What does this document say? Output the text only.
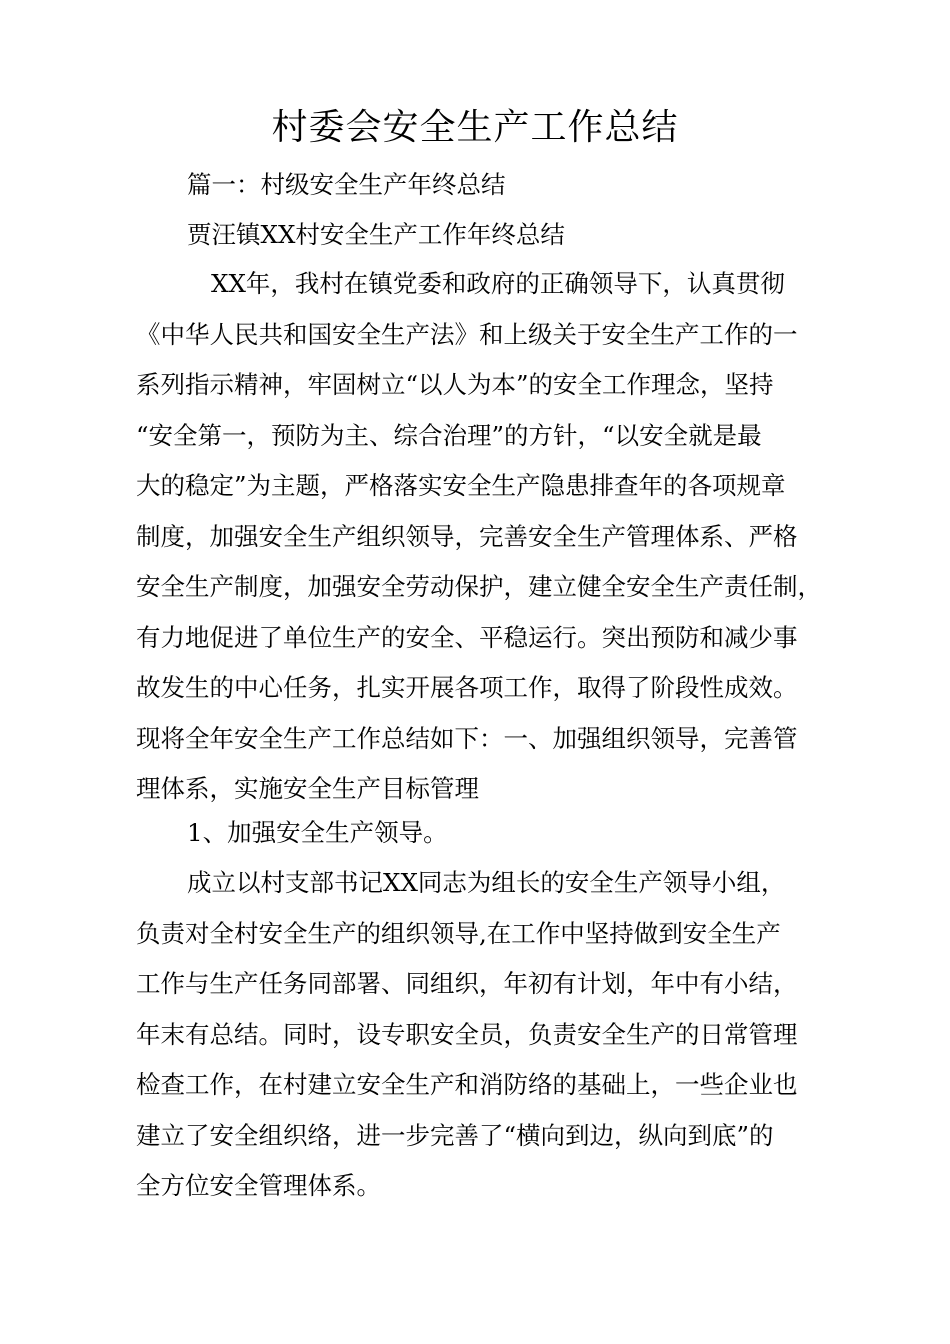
村委会安全生产工作总结

篇一：村级安全生产年终总结

贾汪镇XX村安全生产工作年终总结

XX年，我村在镇党委和政府的正确领导下，认真贯彻
《中华人民共和国安全生产法》和上级关于安全生产工作的一
系列指示精神，牢固树立“以人为本”的安全工作理念，坚持
“安全第一，预防为主、综合治理”的方针，“以安全就是最
大的稳定”为主题，严格落实安全生产隐患排查年的各项规章
制度，加强安全生产组织领导，完善安全生产管理体系、严格
安全生产制度，加强安全劳动保护，建立健全安全生产责任制，
有力地促进了单位生产的安全、平稳运行。突出预防和减少事
故发生的中心任务，扎实开展各项工作，取得了阶段性成效。
现将全年安全生产工作总结如下：一、加强组织领导，完善管
理体系，实施安全生产目标管理

1、加强安全生产领导。

成立以村支部书记XX同志为组长的安全生产领导小组，
负责对全村安全生产的组织领导,在工作中坚持做到安全生产
工作与生产任务同部署、同组织，年初有计划，年中有小结，
年末有总结。同时，设专职安全员，负责安全生产的日常管理
检查工作，在村建立安全生产和消防络的基础上，一些企业也
建立了安全组织络，进一步完善了“横向到边，纵向到底”的
全方位安全管理体系。
